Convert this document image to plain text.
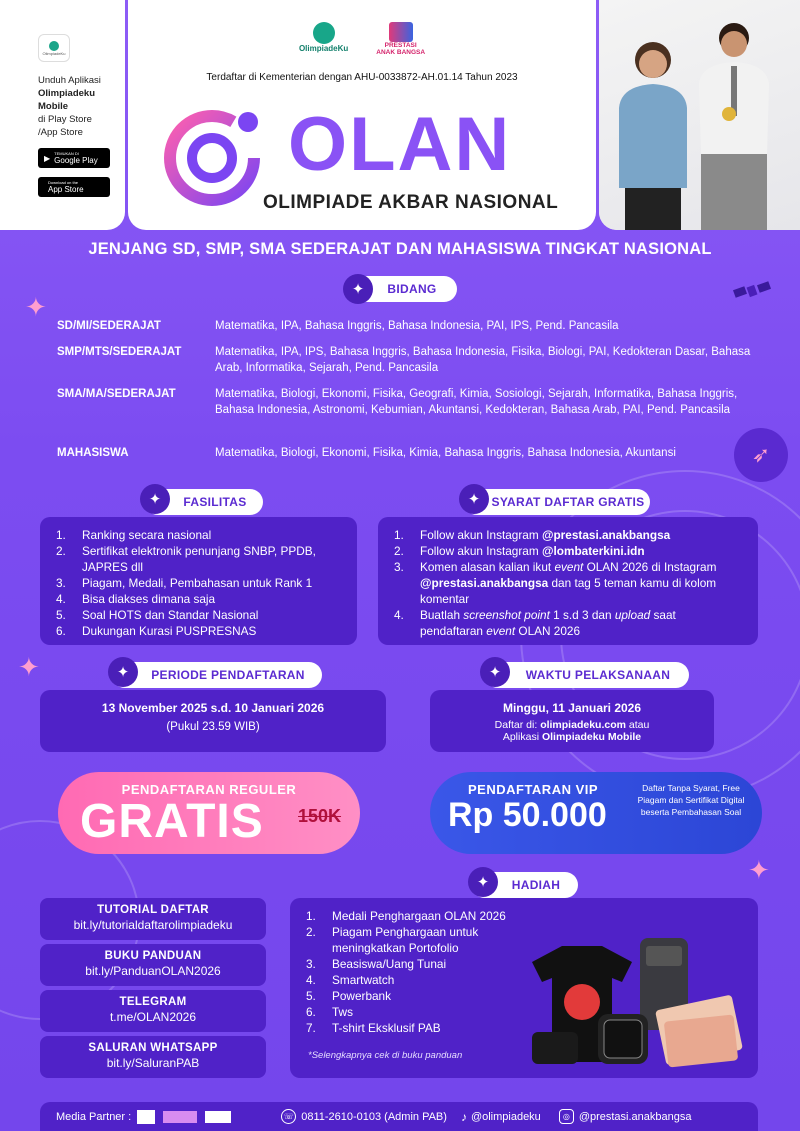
✦
✦
✦
➶
OlimpiadeKu
Unduh Aplikasi
Olimpiadeku Mobile
di Play Store
/App Store
▶ TEMUKAN DI
Google Play
Download on the
App Store
OlimpiadeKu	PRESTASI
ANAK BANGSA
Terdaftar di Kementerian dengan AHU-0033872-AH.01.14 Tahun 2023
OLAN
OLIMPIADE AKBAR NASIONAL
JENJANG SD, SMP, SMA SEDERAJAT DAN MAHASISWA TINGKAT NASIONAL
BIDANG
✦
SD/MI/SEDERAJAT	Matematika, IPA, Bahasa Inggris, Bahasa Indonesia, PAI, IPS, Pend. Pancasila
SMP/MTS/SEDERAJAT	Matematika, IPA, IPS, Bahasa Inggris, Bahasa Indonesia, Fisika, Biologi, PAI, Kedokteran Dasar, Bahasa Arab, Informatika, Sejarah, Pend. Pancasila
SMA/MA/SEDERAJAT	Matematika, Biologi, Ekonomi, Fisika, Geografi, Kimia, Sosiologi, Sejarah, Informatika, Bahasa Inggris, Bahasa Indonesia, Astronomi, Kebumian, Akuntansi, Kedokteran, Bahasa Arab, PAI, Pend. Pancasila
MAHASISWA	Matematika, Biologi, Ekonomi, Fisika, Kimia, Bahasa Inggris, Bahasa Indonesia, Akuntansi
1.	Ranking secara nasional
2.	Sertifikat elektronik penunjang SNBP, PPDB, JAPRES dll
3.	Piagam, Medali, Pembahasan untuk Rank 1
4.	Bisa diakses dimana saja
5.	Soal HOTS dan Standar Nasional
6.	Dukungan Kurasi PUSPRESNAS
FASILITAS
✦
1.	Follow akun Instagram @prestasi.anakbangsa
2.	Follow akun Instagram @lombaterkini.idn
3.	Komen alasan kalian ikut event OLAN 2026 di Instagram @prestasi.anakbangsa dan tag 5 teman kamu di kolom komentar
4.	Buatlah screenshot point 1 s.d 3 dan upload saat pendaftaran event OLAN 2026
SYARAT DAFTAR GRATIS
✦
13 November 2025 s.d. 10 Januari 2026
(Pukul 23.59 WIB)
PERIODE PENDAFTARAN
✦
Minggu, 11 Januari 2026
Daftar di: olimpiadeku.com atau
Aplikasi Olimpiadeku Mobile
WAKTU PELAKSANAAN
✦
PENDAFTARAN REGULER
GRATIS 150K
PENDAFTARAN VIP
Rp 50.000
Daftar Tanpa Syarat, Free Piagam dan Sertifikat Digital beserta Pembahasan Soal
TUTORIAL DAFTAR
bit.ly/tutorialdaftarolimpiadeku
BUKU PANDUAN
bit.ly/PanduanOLAN2026
TELEGRAM
t.me/OLAN2026
SALURAN WHATSAPP
bit.ly/SaluranPAB
1.	Medali Penghargaan OLAN 2026
2.	Piagam Penghargaan untuk meningkatkan Portofolio
3.	Beasiswa/Uang Tunai
4.	Smartwatch
5.	Powerbank
6.	Tws
7.	T-shirt Eksklusif PAB
*Selengkapnya cek di buku panduan
HADIAH
✦
Media Partner :	☏ 0811-2610-0103 (Admin PAB) ♪ @olimpiadeku	◎ @prestasi.anakbangsa
